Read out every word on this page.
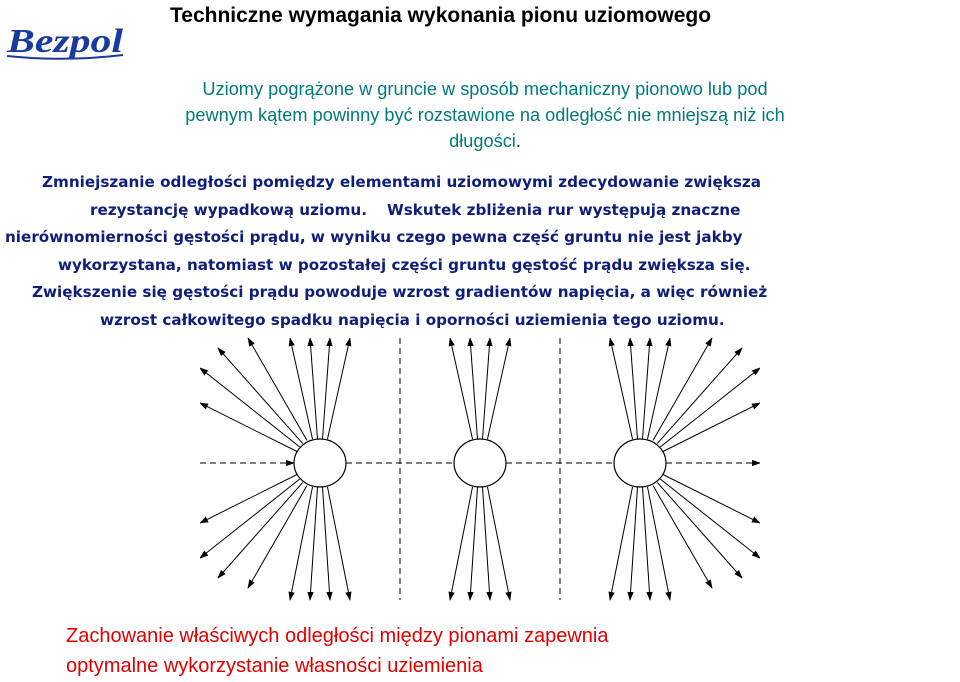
Bezpol
Techniczne wymagania wykonania pionu uziomowego
Uziomy pogrążone w gruncie w sposób mechaniczny pionowo lub pod
pewnym kątem powinny być rozstawione na odległość nie mniejszą niż ich
długości.
Zmniejszanie odległości pomiędzy elementami uziomowymi zdecydowanie zwiększa
rezystancję wypadkową uziomu. Wskutek zbliżenia rur występują znaczne
nierównomierności gęstości prądu, w wyniku czego pewna część gruntu nie jest jakby
wykorzystana, natomiast w pozostałej części gruntu gęstość prądu zwiększa się.
Zwiększenie się gęstości prądu powoduje wzrost gradientów napięcia, a więc również
wzrost całkowitego spadku napięcia i oporności uziemienia tego uziomu.
Zachowanie właściwych odległości między pionami zapewnia
optymalne wykorzystanie własności uziemienia
